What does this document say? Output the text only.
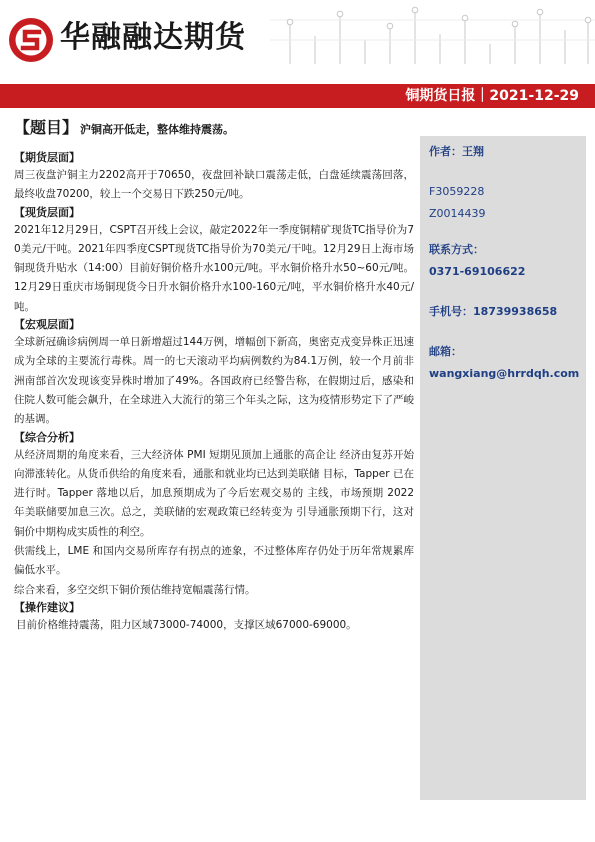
华融融达期货
铜期货日报｜2021-12-29
【题目】 沪铜高开低走，整体维持震荡。
【期货层面】
周三夜盘沪铜主力2202高开于70650，夜盘回补缺口震荡走低，白盘延续震荡回落，最终收盘70200，较上一个交易日下跌250元/吨。
【现货层面】
2021年12月29日，CSPT召开线上会议，敲定2022年一季度铜精矿现货TC指导价为70美元/干吨。2021年四季度CSPT现货TC指导价为70美元/干吨。12月29日上海市场铜现货升贴水（14:00）目前好铜价格升水100元/吨。平水铜价格升水50~60元/吨。12月29日重庆市场铜现货今日升水铜价格升水100-160元/吨，平水铜价格升水40元/吨。
【宏观层面】
全球新冠确诊病例周一单日新增超过144万例，增幅创下新高，奥密克戎变异株正迅速成为全球的主要流行毒株。周一的七天滚动平均病例数约为84.1万例，较一个月前非洲南部首次发现该变异株时增加了49%。各国政府已经警告称，在假期过后，感染和住院人数可能会飙升，在全球进入大流行的第三个年头之际，这为疫情形势定下了严峻的基调。
【综合分析】
从经济周期的角度来看，三大经济体 PMI 短期见顶加上通胀的高企让 经济由复苏开始向滞涨转化。从货币供给的角度来看，通胀和就业均已达到美联储 目标，Tapper 已在进行时。Tapper 落地以后，加息预期成为了今后宏观交易的 主线，市场预期 2022 年美联储要加息三次。总之，美联储的宏观政策已经转变为 引导通胀预期下行，这对铜价中期构成实质性的利空。
供需线上，LME 和国内交易所库存有拐点的迹象，不过整体库存仍处于历年常规累库偏低水平。
综合来看，多空交织下铜价预估维持宽幅震荡行情。
【操作建议】
目前价格维持震荡，阻力区域73000-74000，支撑区域67000-69000。
作者：王翔
F3059228
Z0014439
联系方式：
0371-69106622
手机号：18739938658
邮箱：
wangxiang@hrrdqh.com
